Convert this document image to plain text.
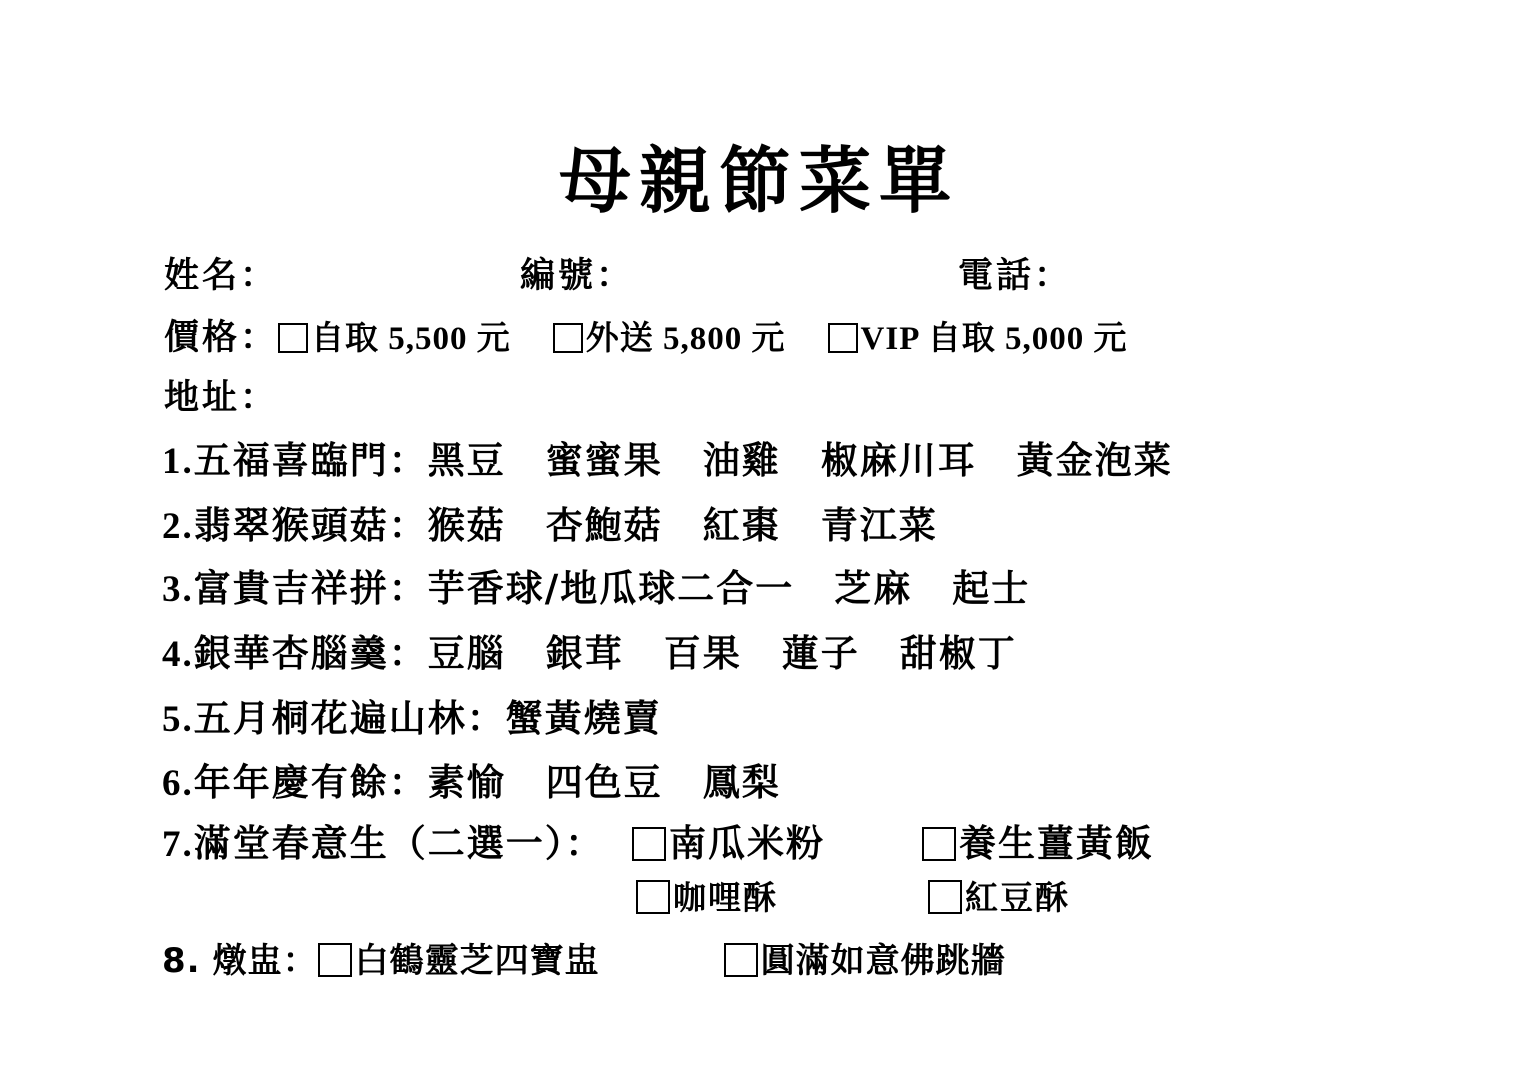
母親節菜單
姓名：	編號：	電話：
價格： 自取 5,500 元 外送 5,800 元 VIP 自取 5,000 元
地址：
1.五福喜臨門：黑豆 蜜蜜果 油雞 椒麻川耳 黃金泡菜
2.翡翠猴頭菇：猴菇 杏鮑菇 紅棗 青江菜
3.富貴吉祥拼：芋香球/地瓜球二合一 芝麻 起士
4.銀華杏腦羹：豆腦 銀茸 百果 蓮子 甜椒丁
5.五月桐花遍山林：蟹黃燒賣
6.年年慶有餘：素愉 四色豆 鳳梨
7.滿堂春意生（二選一）：	南瓜米粉	養生薑黃飯
咖哩酥	紅豆酥
8. 燉盅： 白鶴靈芝四寶盅	圓滿如意佛跳牆
